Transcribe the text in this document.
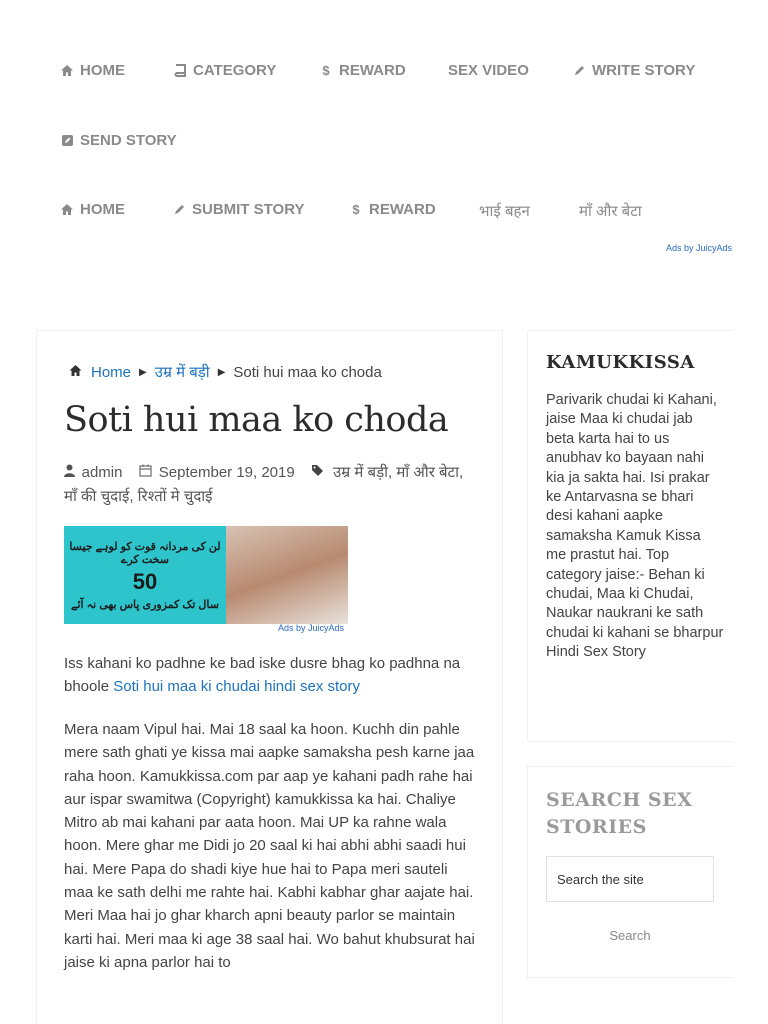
HOME	CATEGORY	$ REWARD	SEX VIDEO	WRITE STORY
SEND STORY
HOME	SUBMIT STORY	$ REWARD	भाई बहन	माँ और बेटा
Ads by JuicyAds
Home ▶ उम्र में बड़ी ▶ Soti hui maa ko choda
Soti hui maa ko choda
admin September 19, 2019	उम्र में बड़ी, माँ और बेटा,
माँ की चुदाई, रिश्तों मे चुदाई
لن کی مردانہ قوت کو لوہے جیسا سخت کرے
50
سال تک کمزوری پاس بھی نہ آئے
Ads by JuicyAds

Iss kahani ko padhne ke bad iske dusre bhag ko padhna na bhoole Soti hui maa ki chudai hindi sex story

Mera naam Vipul hai. Mai 18 saal ka hoon. Kuchh din pahle mere sath ghati ye kissa mai aapke samaksha pesh karne jaa raha hoon. Kamukkissa.com par aap ye kahani padh rahe hai aur ispar swamitwa (Copyright) kamukkissa ka hai. Chaliye Mitro ab mai kahani par aata hoon. Mai UP ka rahne wala hoon. Mere ghar me Didi jo 20 saal ki hai abhi abhi saadi hui hai. Mere Papa do shadi kiye hue hai to Papa meri sauteli maa ke sath delhi me rahte hai. Kabhi kabhar ghar aajate hai. Meri Maa hai jo ghar kharch apni beauty parlor se maintain karti hai. Meri maa ki age 38 saal hai. Wo bahut khubsurat hai jaise ki apna parlor hai to

KAMUKKISSA

Parivarik chudai ki Kahani, jaise Maa ki chudai jab beta karta hai to us anubhav ko bayaan nahi kia ja sakta hai. Isi prakar ke Antarvasna se bhari desi kahani aapke samaksha Kamuk Kissa me prastut hai. Top category jaise:- Behan ki chudai, Maa ki Chudai, Naukar naukrani ke sath chudai ki kahani se bharpur Hindi Sex Story

SEARCH SEX STORIES
Search the site
Search
